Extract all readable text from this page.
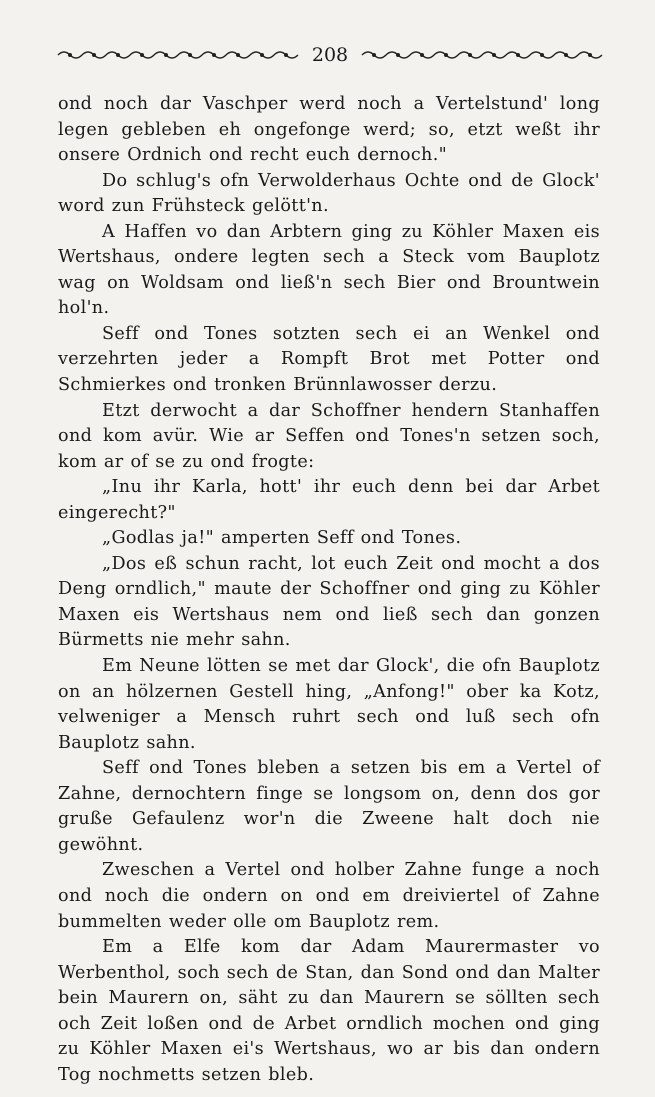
208

ond noch dar Vaschper werd noch a Vertelstund' long legen gebleben eh ongefonge werd; so, etzt weßt ihr onsere Ordnich ond recht euch dernoch."

Do schlug's ofn Verwolderhaus Ochte ond de Glock' word zun Frühsteck gelött'n.

A Haffen vo dan Arbtern ging zu Köhler Maxen eis Wertshaus, ondere legten sech a Steck vom Bauplotz wag on Woldsam ond ließ'n sech Bier ond Brountwein hol'n.

Seff ond Tones sotzten sech ei an Wenkel ond verzehrten jeder a Rompft Brot met Potter ond Schmierkes ond tronken Brünnlawosser derzu.

Etzt derwocht a dar Schoffner hendern Stanhaffen ond kom avür. Wie ar Seffen ond Tones'n setzen soch, kom ar of se zu ond frogte:

„Inu ihr Karla, hott' ihr euch denn bei dar Arbet eingerecht?"

„Godlas ja!" amperten Seff ond Tones.

„Dos eß schun racht, lot euch Zeit ond mocht a dos Deng orndlich," maute der Schoffner ond ging zu Köhler Maxen eis Wertshaus nem ond ließ sech dan gonzen Bürmetts nie mehr sahn.

Em Neune lötten se met dar Glock', die ofn Bauplotz on an hölzernen Gestell hing, „Anfong!" ober ka Kotz, velweniger a Mensch ruhrt sech ond luß sech ofn Bauplotz sahn.

Seff ond Tones bleben a setzen bis em a Vertel of Zahne, dernochtern finge se longsom on, denn dos gor gruße Gefaulenz wor'n die Zweene halt doch nie gewöhnt.

Zweschen a Vertel ond holber Zahne funge a noch ond noch die ondern on ond em dreiviertel of Zahne bummelten weder olle om Bauplotz rem.

Em a Elfe kom dar Adam Maurermaster vo Werbenthol, soch sech de Stan, dan Sond ond dan Malter bein Maurern on, säht zu dan Maurern se söllten sech och Zeit loßen ond de Arbet orndlich mochen ond ging zu Köhler Maxen ei's Wertshaus, wo ar bis dan ondern Tog nochmetts setzen bleb.
